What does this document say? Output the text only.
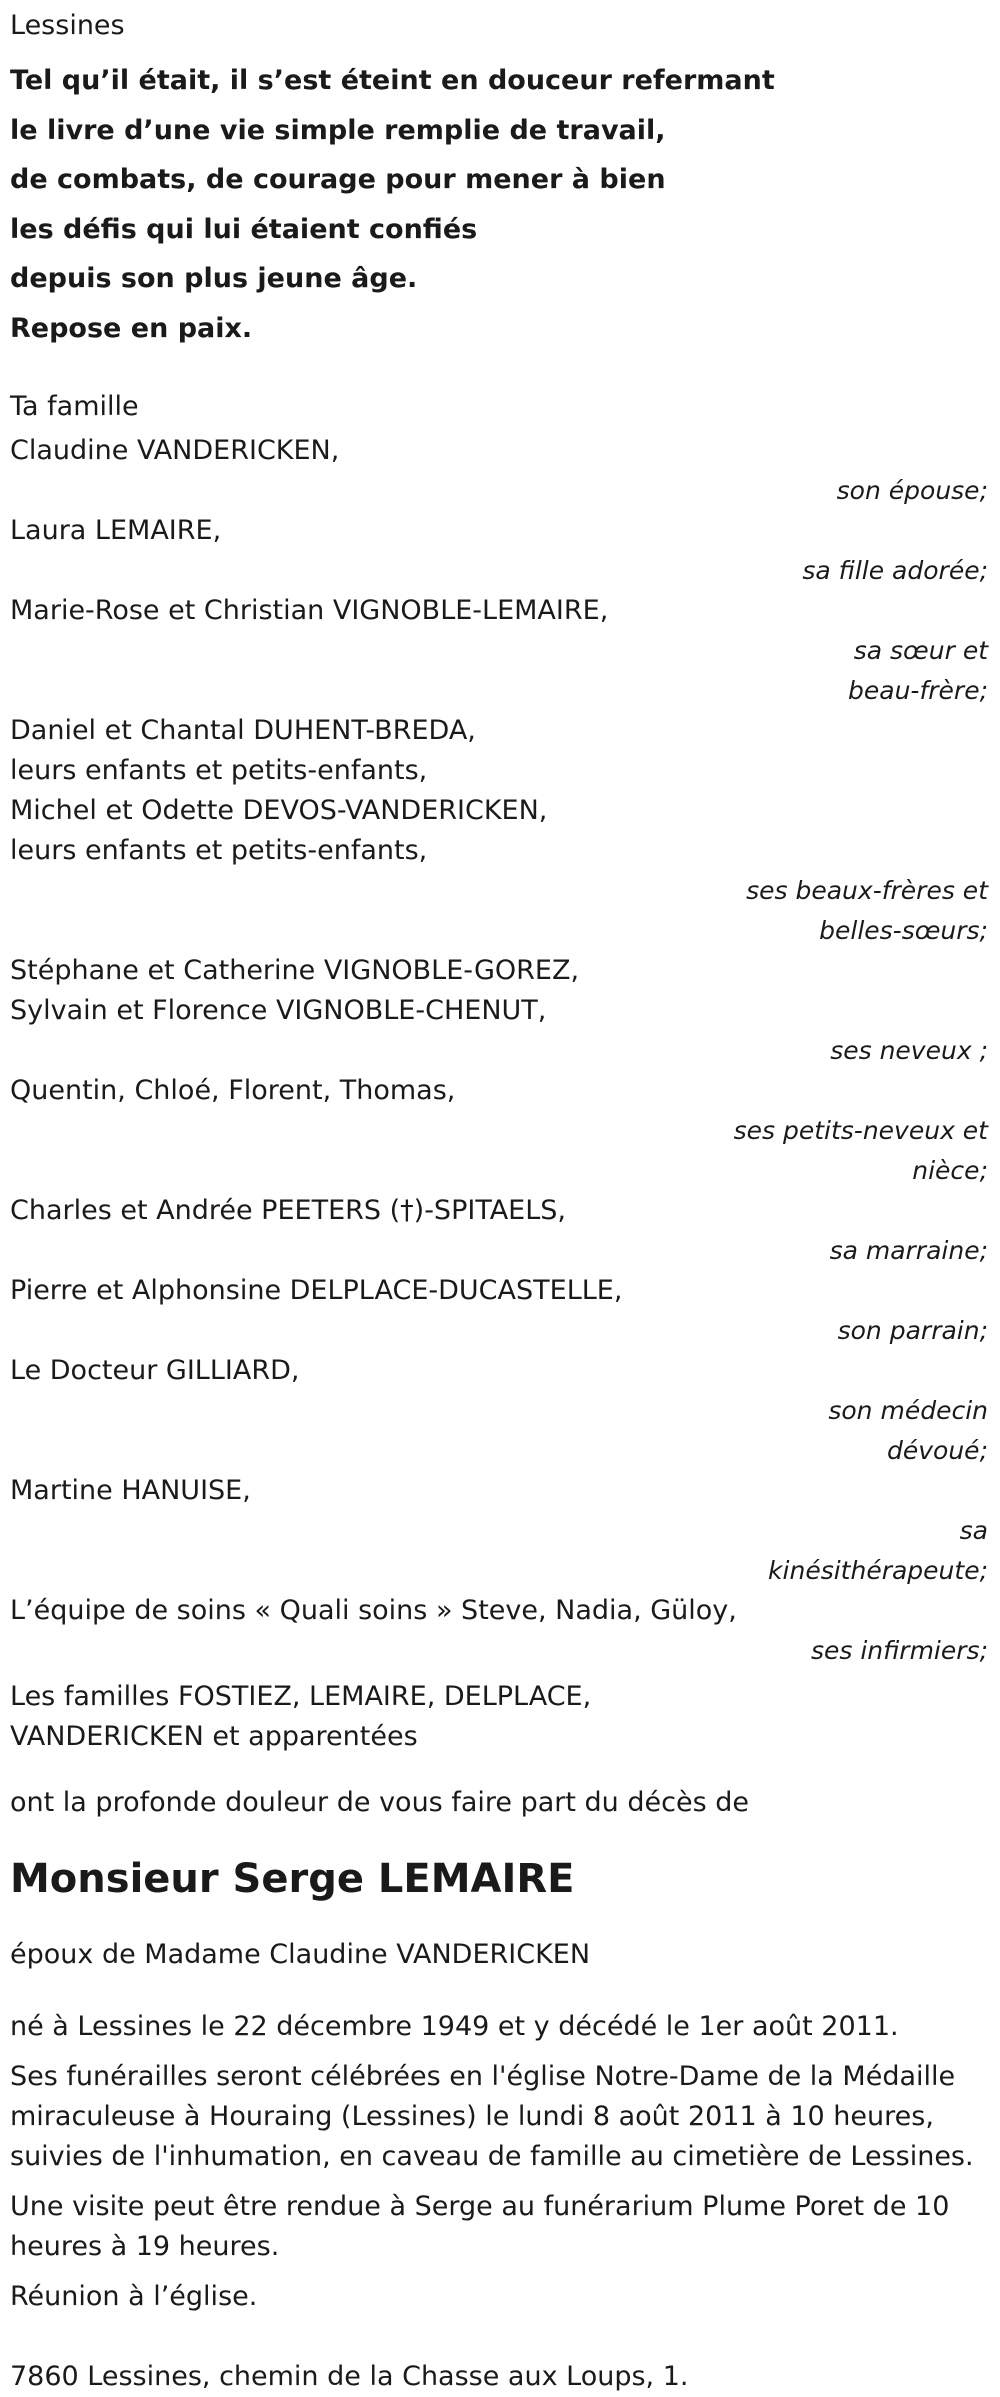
Lessines
Tel qu’il était, il s’est éteint en douceur refermant
le livre d’une vie simple remplie de travail,
de combats, de courage pour mener à bien
les défis qui lui étaient confiés
depuis son plus jeune âge.
Repose en paix.
Ta famille
Claudine VANDERICKEN,
son épouse;
Laura LEMAIRE,
sa fille adorée;
Marie-Rose et Christian VIGNOBLE-LEMAIRE,
sa sœur et
beau-frère;
Daniel et Chantal DUHENT-BREDA,
leurs enfants et petits-enfants,
Michel et Odette DEVOS-VANDERICKEN,
leurs enfants et petits-enfants,
ses beaux-frères et
belles-sœurs;
Stéphane et Catherine VIGNOBLE-GOREZ,
Sylvain et Florence VIGNOBLE-CHENUT,
ses neveux ;
Quentin, Chloé, Florent, Thomas,
ses petits-neveux et
nièce;
Charles et Andrée PEETERS (†)-SPITAELS,
sa marraine;
Pierre et Alphonsine DELPLACE-DUCASTELLE,
son parrain;
Le Docteur GILLIARD,
son médecin
dévoué;
Martine HANUISE,
sa
kinésithérapeute;
L’équipe de soins « Quali soins » Steve, Nadia, Güloy,
ses infirmiers;
Les familles FOSTIEZ, LEMAIRE, DELPLACE,
VANDERICKEN et apparentées
ont la profonde douleur de vous faire part du décès de
Monsieur Serge LEMAIRE
époux de Madame Claudine VANDERICKEN
né à Lessines le 22 décembre 1949 et y décédé le 1er août 2011.
Ses funérailles seront célébrées en l'église Notre-Dame de la Médaille miraculeuse à Houraing (Lessines) le lundi 8 août 2011 à 10 heures, suivies de l'inhumation, en caveau de famille au cimetière de Lessines.
Une visite peut être rendue à Serge au funérarium Plume Poret de 10 heures à 19 heures.
Réunion à l’église.
7860 Lessines, chemin de la Chasse aux Loups, 1.
